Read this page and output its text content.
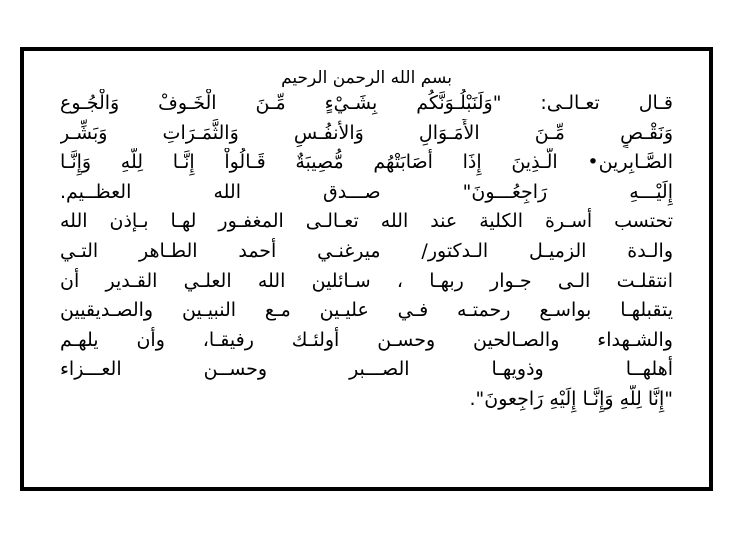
بسم الله الرحمن الرحيم
قـال تعـالـى: "وَلَنَبْلُـوَنَّكُم بِشَـيْءٍ مِّـنَ الْخَـوفْ وَالْجُـوع
وَنَقْـصٍ مِّـنَ الأَمَـوَالِ وَالأنفُـسِ وَالثَّمَـرَاتِ وَبَشِّـر
الصَّـابِرين• الَّـذِينَ إِذَا أَصَابَتْهُم مُّصِيبَةٌ قَـالُواْ إِنَّـا لِلّهِ وَإِنَّـا
إِلَيْـــهِ رَاجِعُـــونَ" صـــدق الله العظــيم.
تحتسب أسـرة الكلية عند الله تعـالـى المغفـور لهـا بـإذن الله
والـدة الزميـل الـدكتور/ ميرغنـي أحمد الطـاهر التـي
انتقلـت الـى جـوار ربهـا ، سـائلين الله العلـي القـدير أن
يتقبلهـا بواسـع رحمتـه فـي عليـين مـع النبيـين والصـديقيين
والشـهداء والصـالحين وحسـن أولئـك رفيقـا، وأن يلهـم
أهلهــا وذويهـا الصـــبر وحســن العـــزاء
"إِنَّا لِلّهِ وَإِنَّـا إِلَيْهِ رَاجِعونَ".
